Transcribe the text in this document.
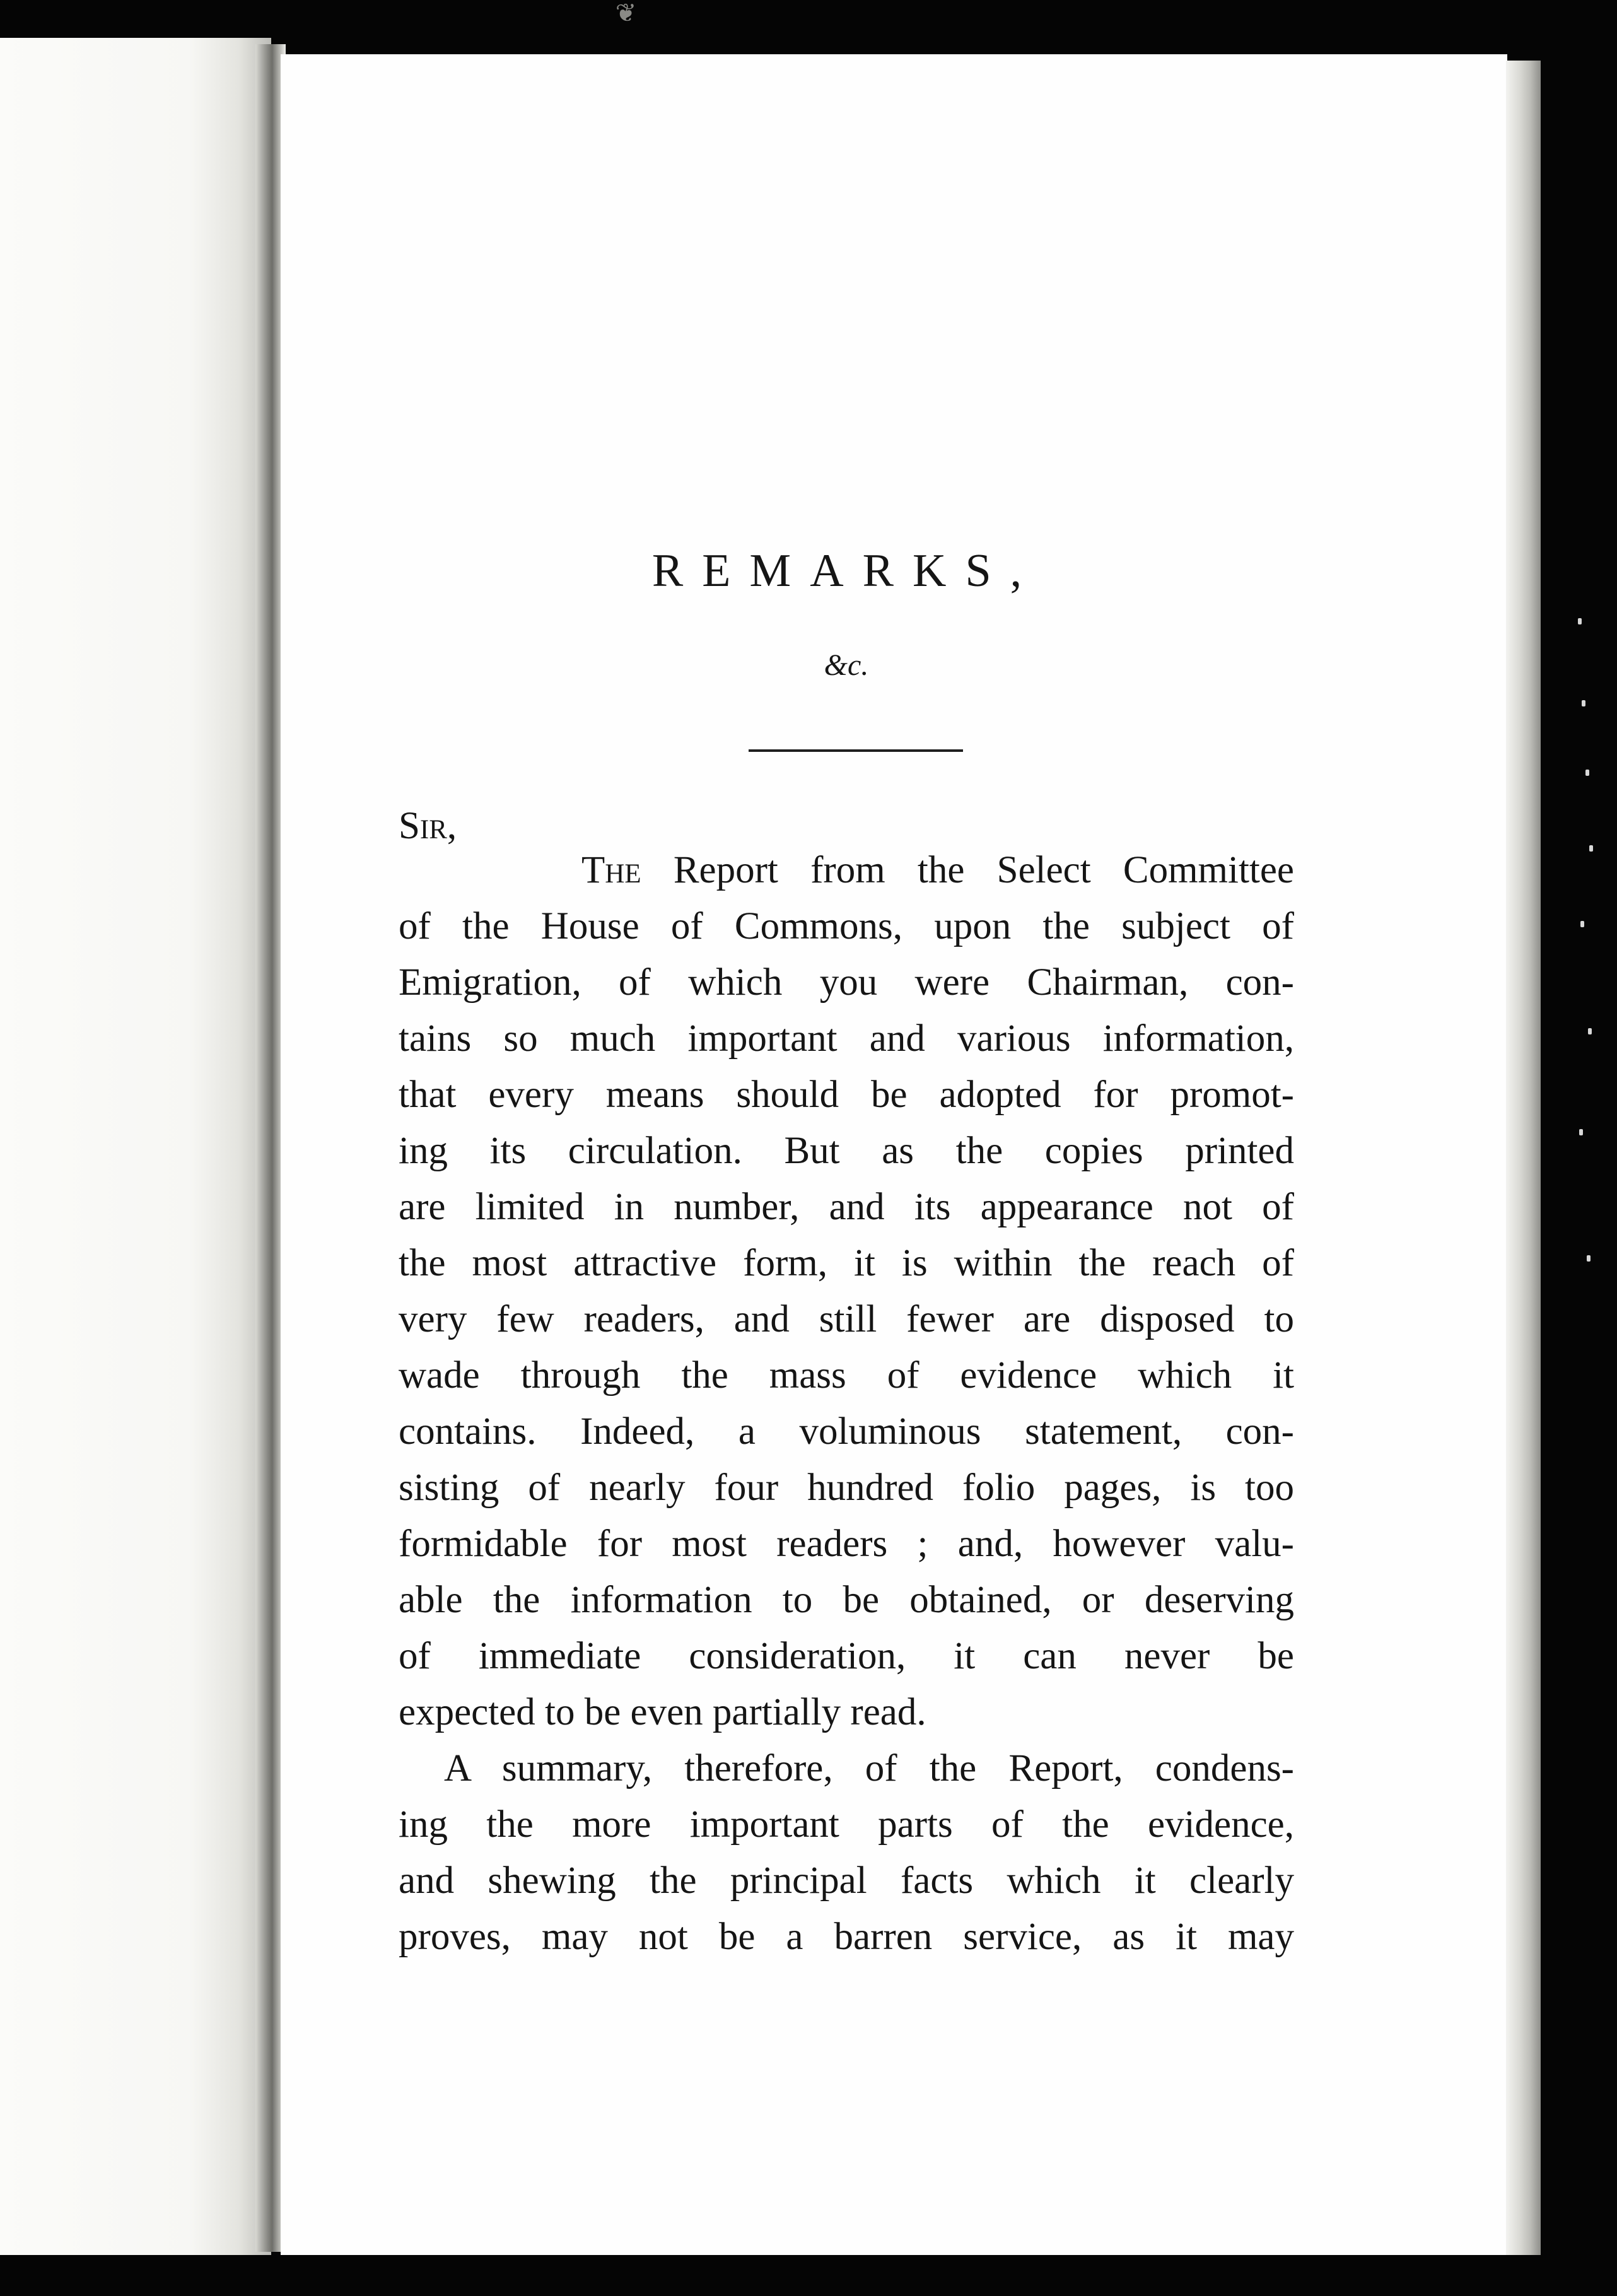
❦
REMARKS,
&c.
Sir,
The Report from the Select Committee
of the House of Commons, upon the subject of
Emigration, of which you were Chairman, con-
tains so much important and various information,
that every means should be adopted for promot-
ing its circulation. But as the copies printed
are limited in number, and its appearance not of
the most attractive form, it is within the reach of
very few readers, and still fewer are disposed to
wade through the mass of evidence which it
contains. Indeed, a voluminous statement, con-
sisting of nearly four hundred folio pages, is too
formidable for most readers ; and, however valu-
able the information to be obtained, or deserving
of immediate consideration, it can never be
expected to be even partially read.
A summary, therefore, of the Report, condens-
ing the more important parts of the evidence,
and shewing the principal facts which it clearly
proves, may not be a barren service, as it may
